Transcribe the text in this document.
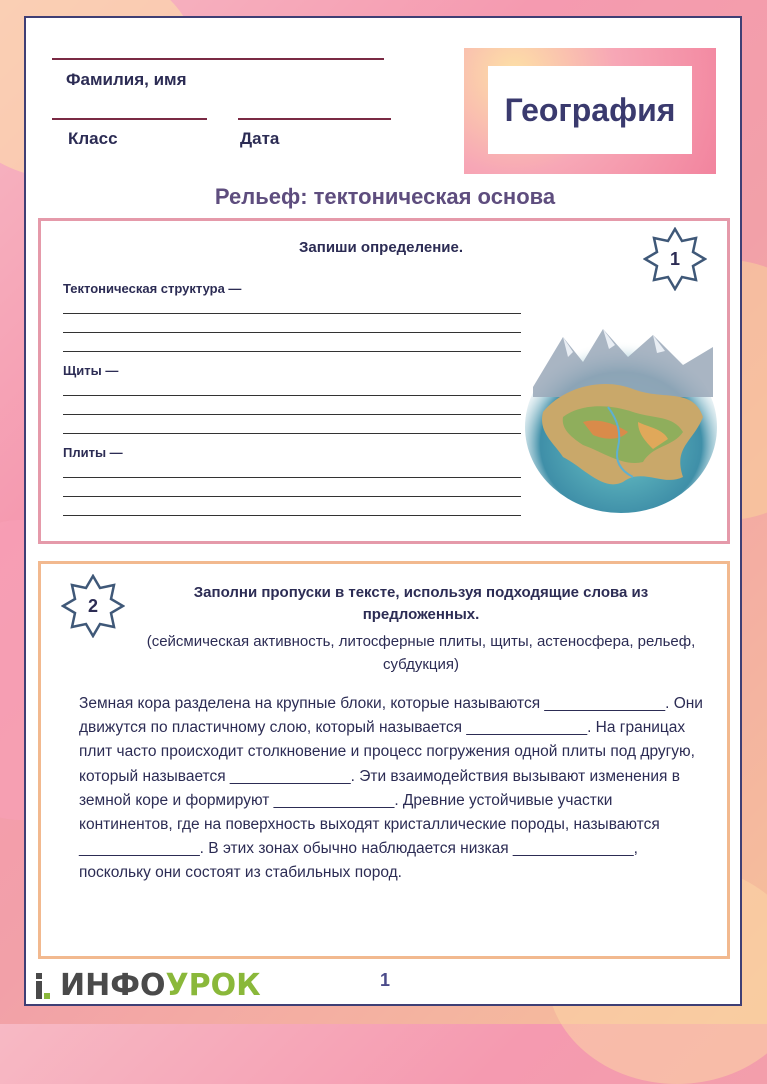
Фамилия, имя
Класс	Дата
География
Рельеф: тектоническая основа
Запиши определение.
1
Тектоническая структура —
Щиты —
Плиты —
2
Заполни пропуски в тексте, используя подходящие слова из предложенных.
(сейсмическая активность, литосферные плиты, щиты, астеносфера, рельеф, субдукция)
Земная кора разделена на крупные блоки, которые называются ______________. Они движутся по пластичному слою, который называется ______________. На границах плит часто происходит столкновение и процесс погружения одной плиты под другую, который называется ______________. Эти взаимодействия вызывают изменения в земной коре и формируют ______________. Древние устойчивые участки континентов, где на поверхность выходят кристаллические породы, называются ______________. В этих зонах обычно наблюдается низкая ______________, поскольку они состоят из стабильных пород.
ИНФО УРОК	1
